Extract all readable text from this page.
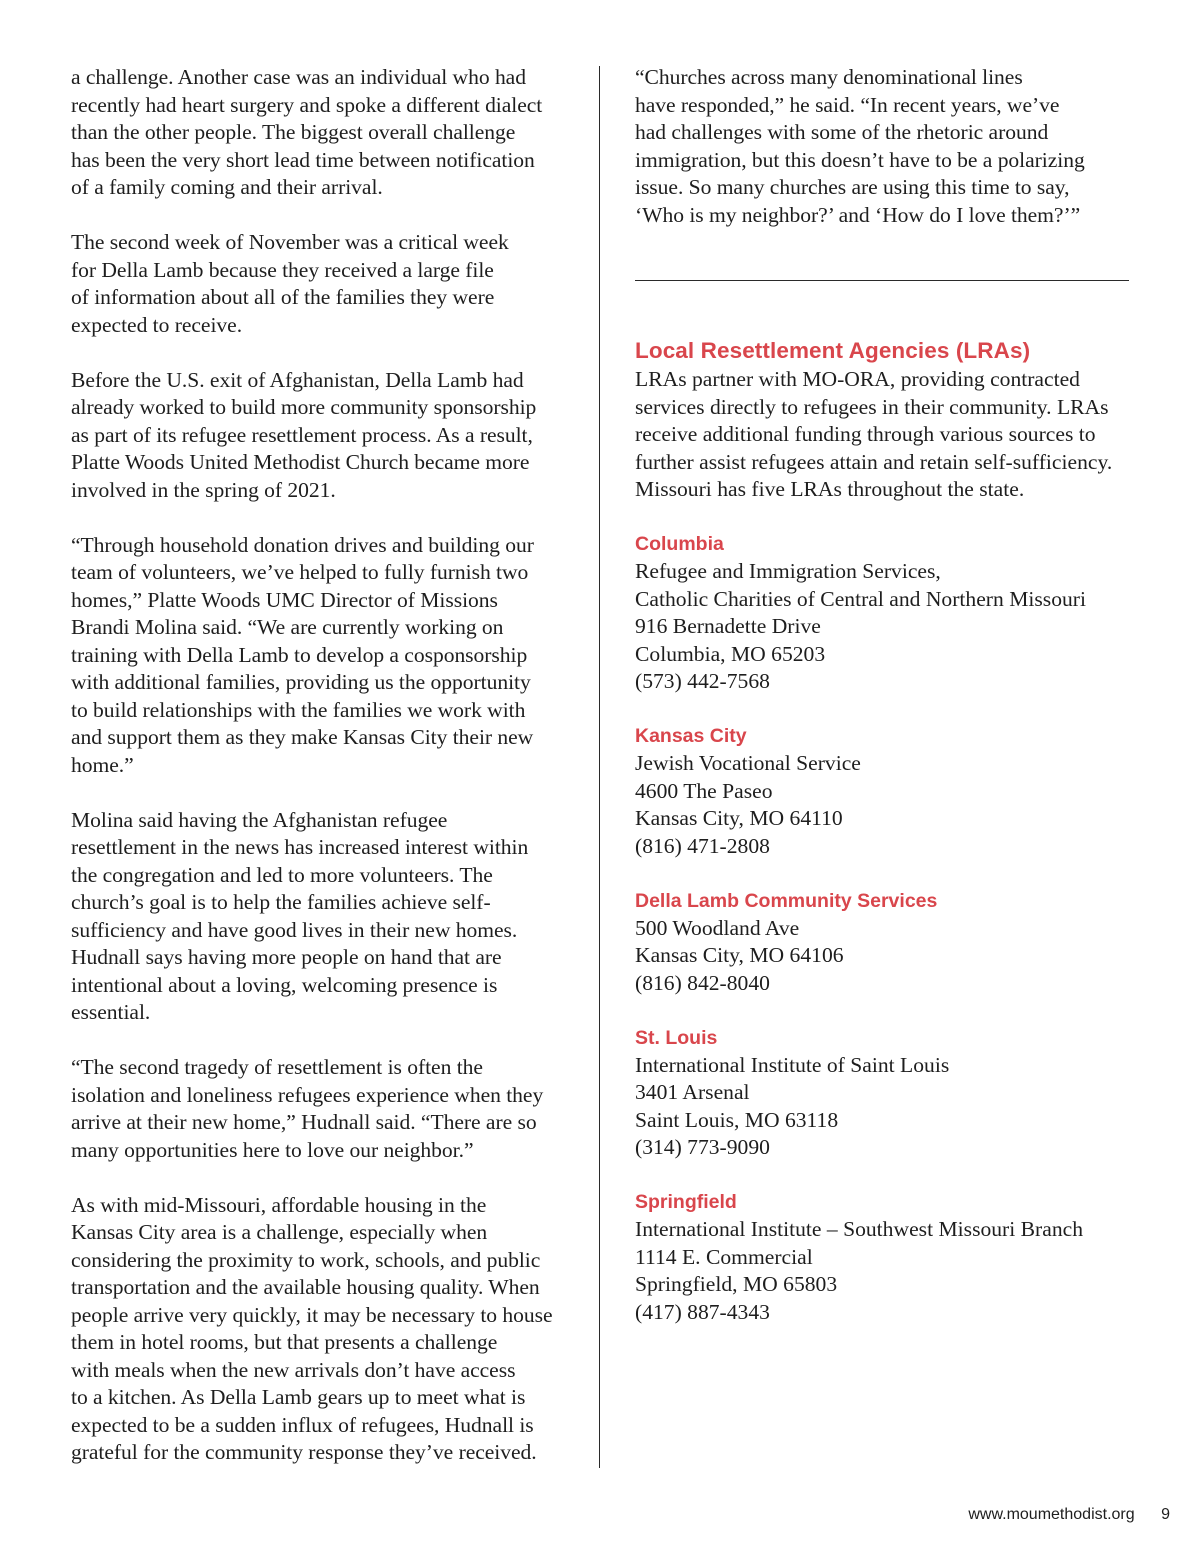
a challenge. Another case was an individual who had
recently had heart surgery and spoke a different dialect
than the other people. The biggest overall challenge
has been the very short lead time between notification
of a family coming and their arrival.

The second week of November was a critical week
for Della Lamb because they received a large file
of information about all of the families they were
expected to receive.

Before the U.S. exit of Afghanistan, Della Lamb had
already worked to build more community sponsorship
as part of its refugee resettlement process. As a result,
Platte Woods United Methodist Church became more
involved in the spring of 2021.

“Through household donation drives and building our
team of volunteers, we’ve helped to fully furnish two
homes,” Platte Woods UMC Director of Missions
Brandi Molina said. “We are currently working on
training with Della Lamb to develop a cosponsorship
with additional families, providing us the opportunity
to build relationships with the families we work with
and support them as they make Kansas City their new
home.”

Molina said having the Afghanistan refugee
resettlement in the news has increased interest within
the congregation and led to more volunteers. The
church’s goal is to help the families achieve self-
sufficiency and have good lives in their new homes.
Hudnall says having more people on hand that are
intentional about a loving, welcoming presence is
essential.

“The second tragedy of resettlement is often the
isolation and loneliness refugees experience when they
arrive at their new home,” Hudnall said. “There are so
many opportunities here to love our neighbor.”

As with mid-Missouri, affordable housing in the
Kansas City area is a challenge, especially when
considering the proximity to work, schools, and public
transportation and the available housing quality. When
people arrive very quickly, it may be necessary to house
them in hotel rooms, but that presents a challenge
with meals when the new arrivals don’t have access
to a kitchen. As Della Lamb gears up to meet what is
expected to be a sudden influx of refugees, Hudnall is
grateful for the community response they’ve received.

“Churches across many denominational lines
have responded,” he said. “In recent years, we’ve
had challenges with some of the rhetoric around
immigration, but this doesn’t have to be a polarizing
issue. So many churches are using this time to say,
‘Who is my neighbor?’ and ‘How do I love them?’”

Local Resettlement Agencies (LRAs)

LRAs partner with MO-ORA, providing contracted
services directly to refugees in their community. LRAs
receive additional funding through various sources to
further assist refugees attain and retain self-sufficiency.
Missouri has five LRAs throughout the state.

Columbia
Refugee and Immigration Services,
Catholic Charities of Central and Northern Missouri
916 Bernadette Drive
Columbia, MO 65203
(573) 442-7568
Kansas City
Jewish Vocational Service
4600 The Paseo
Kansas City, MO 64110
(816) 471-2808
Della Lamb Community Services
500 Woodland Ave
Kansas City, MO 64106
(816) 842-8040
St. Louis
International Institute of Saint Louis
3401 Arsenal
Saint Louis, MO 63118
(314) 773-9090
Springfield
International Institute – Southwest Missouri Branch
1114 E. Commercial
Springfield, MO 65803
(417) 887-4343
www.moumethodist.org 9
